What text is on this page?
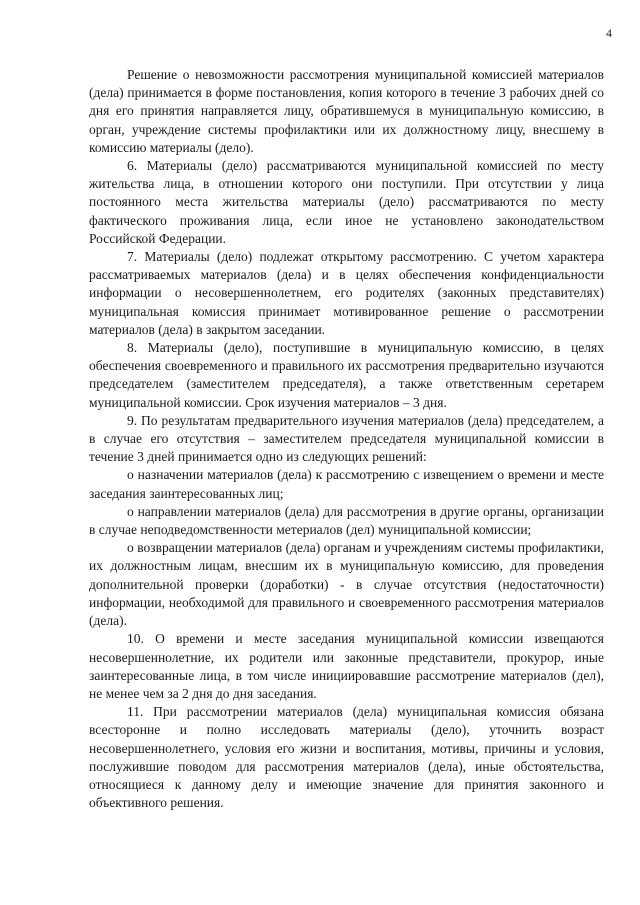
4

Решение о невозможности рассмотрения муниципальной комиссией материалов (дела) принимается в форме постановления, копия которого в течение 3 рабочих дней со дня его принятия направляется лицу, обратившемуся в муниципальную комиссию, в орган, учреждение системы профилактики или их должностному лицу, внесшему в комиссию материалы (дело).

6. Материалы (дело) рассматриваются муниципальной комиссией по месту жительства лица, в отношении которого они поступили. При отсутствии у лица постоянного места жительства материалы (дело) рассматриваются по месту фактического проживания лица, если иное не установлено законодательством Российской Федерации.

7. Материалы (дело) подлежат открытому рассмотрению. С учетом характера рассматриваемых материалов (дела) и в целях обеспечения конфиденциальности информации о несовершеннолетнем, его родителях (законных представителях) муниципальная комиссия принимает мотивированное решение о рассмотрении материалов (дела) в закрытом заседании.

8. Материалы (дело), поступившие в муниципальную комиссию, в целях обеспечения своевременного и правильного их рассмотрения предварительно изучаются председателем (заместителем председателя), а также ответственным серетарем муниципальной комиссии. Срок изучения материалов – 3 дня.

9. По результатам предварительного изучения материалов (дела) председателем, а в случае его отсутствия – заместителем председателя муниципальной комиссии в течение 3 дней принимается одно из следующих решений:

о назначении материалов (дела) к рассмотрению с извещением о времени и месте заседания заинтересованных лиц;

о направлении материалов (дела) для рассмотрения в другие органы, организации в случае неподведомственности метериалов (дел) муниципальной комиссии;

о возвращении материалов (дела) органам и учреждениям системы профилактики, их должностным лицам, внесшим их в муниципальную комиссию, для проведения дополнительной проверки (доработки) - в случае отсутствия (недостаточности) информации, необходимой для правильного и своевременного рассмотрения материалов (дела).

10. О времени и месте заседания муниципальной комиссии извещаются несовершеннолетние, их родители или законные представители, прокурор, иные заинтересованные лица, в том числе инициировавшие рассмотрение материалов (дел), не менее чем за 2 дня до дня заседания.

11. При рассмотрении материалов (дела) муниципальная комиссия обязана всесторонне и полно исследовать материалы (дело), уточнить возраст несовершеннолетнего, условия его жизни и воспитания, мотивы, причины и условия, послужившие поводом для рассмотрения материалов (дела), иные обстоятельства, относящиеся к данному делу и имеющие значение для принятия законного и объективного решения.
